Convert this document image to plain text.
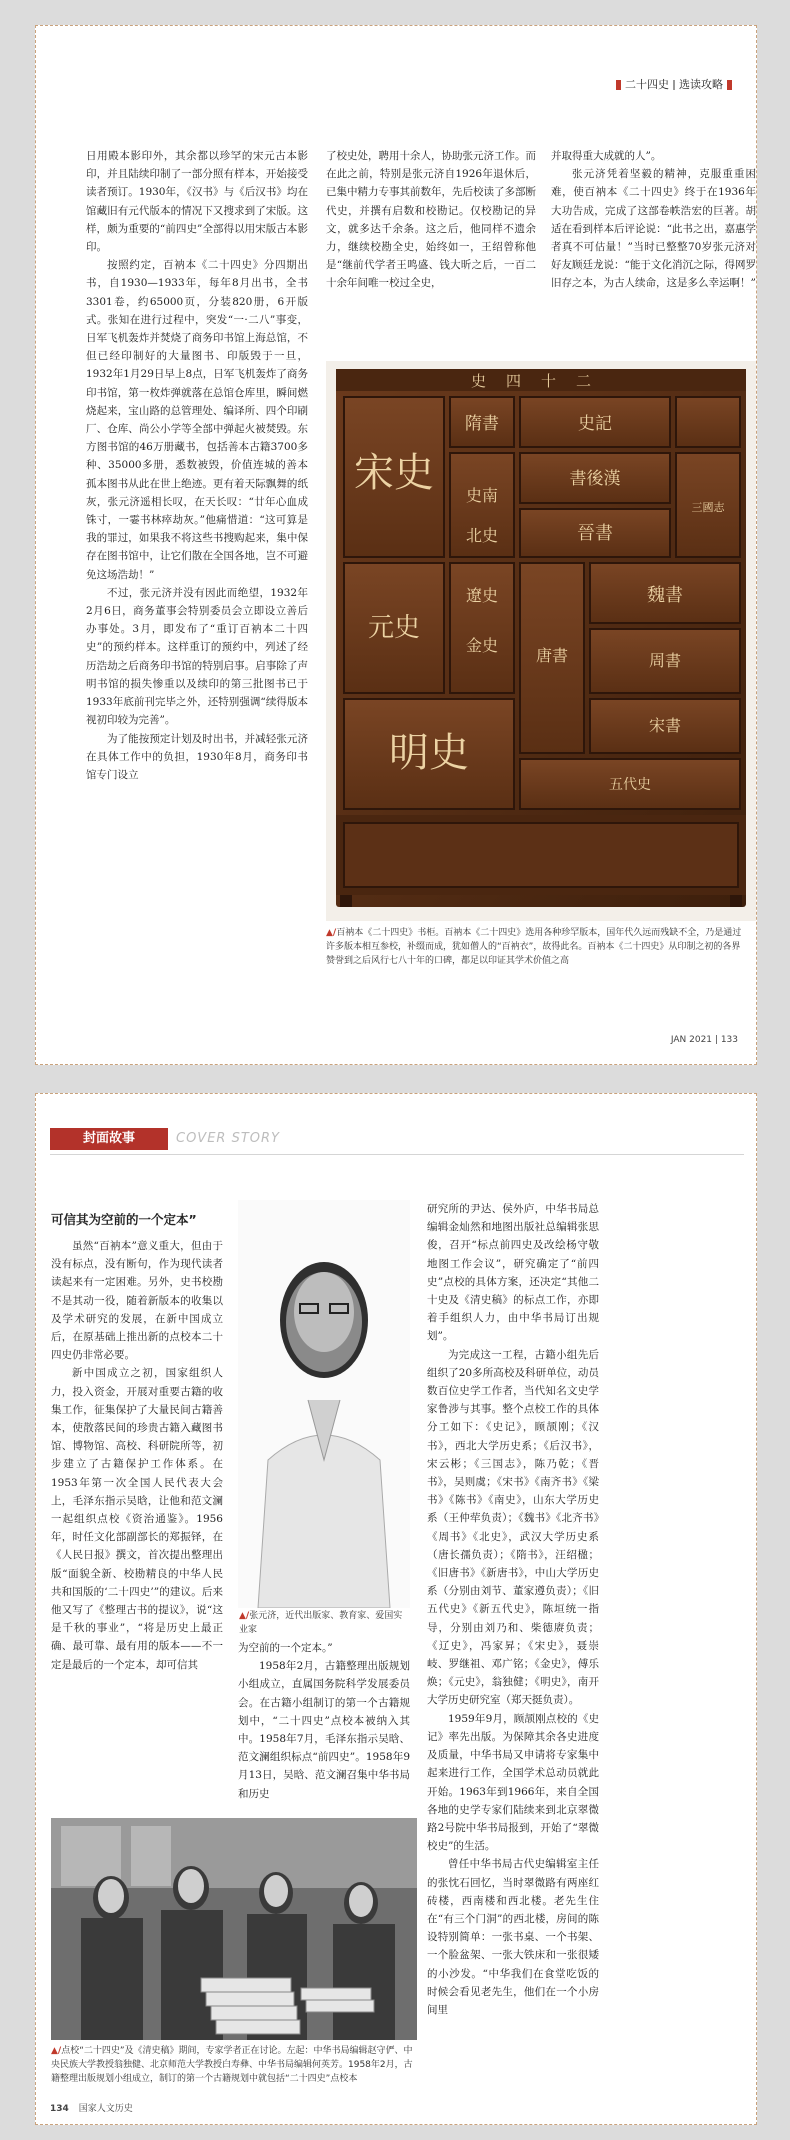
二十四史 选读攻略

日用殿本影印外，其余都以珍罕的宋元古本影印，并且陆续印制了一部分照有样本，开始接受读者预订。1930年，《汉书》与《后汉书》均在馆藏旧有元代版本的情况下又搜求到了宋版。这样，颇为重要的“前四史”全部得以用宋版古本影印。

按照约定，百衲本《二十四史》分四期出书，自1930—1933年，每年8月出书，全书3301卷，约65000页，分装820册，6开版式。张知在进行过程中，突发“一·二八”事变，日军飞机轰炸并焚烧了商务印书馆上海总馆，不但已经印制好的大量图书、印版毁于一旦，1932年1月29日早上8点，日军飞机轰炸了商务印书馆，第一枚炸弹就落在总馆仓库里，瞬间燃烧起来，宝山路的总管理处、编译所、四个印刷厂、仓库、尚公小学等全部中弹起火被焚毁。东方图书馆的46万册藏书，包括善本古籍3700多种、35000多册，悉数被毁，价值连城的善本孤本图书从此在世上绝迹。更有着天际飘舞的纸灰，张元济遥相长叹，在天长叹：“廿年心血成铢寸，一霎书林瘁劫灰。”他痛惜道：“这可算是我的罪过，如果我不将这些书搜购起来，集中保存在图书馆中，让它们散在全国各地，岂不可避免这场浩劫！”

不过，张元济并没有因此而绝望，1932年2月6日，商务董事会特别委员会立即设立善后办事处。3月，即发布了“重订百衲本二十四史”的预约样本。这样重订的预约中，列述了经历浩劫之后商务印书馆的特别启事。启事除了声明书馆的损失惨重以及续印的第三批图书已于1933年底前刊完毕之外，还特别强调“续得版本视初印较为完善”。

为了能按预定计划及时出书，并减轻张元济在具体工作中的负担，1930年8月，商务印书馆专门设立

了校史处，聘用十余人，协助张元济工作。而在此之前，特别是张元济自1926年退休后，已集中精力专事其前数年，先后校读了多部断代史，并撰有启数和校勘记。仅校勘记的异文，就多达千余条。这之后，他同样不遗余力，继续校勘全史，始终如一，王绍曾称他是“继前代学者王鸣盛、钱大昕之后，一百二十余年间唯一校过全史，

并取得重大成就的人”。

张元济凭着坚毅的精神，克服重重困难，使百衲本《二十四史》终于在1936年大功告成，完成了这部卷帙浩宏的巨著。胡适在看到样本后评论说：“此书之出，嘉惠学者真不可估量！”当时已整整70岁张元济对好友顾廷龙说：“能于文化消沉之际，得网罗旧存之本，为古人续命，这是多么幸运啊！”

史四十二
隋書	史記
宋史 史南
書後漢
北史	晉書
三國志
遼史
金史
唐書
魏書
元史
周書
宋書
明史
五代史
▲/百衲本《二十四史》书柜。百衲本《二十四史》选用各种珍罕版本，国年代久远而残缺不全，乃是通过许多版本相互参校，补缀而成，犹如僧人的“百衲衣”，故得此名。百衲本《二十四史》从印制之初的各界赞誉到之后风行七八十年的口碑，都足以印证其学术价值之高
JAN 2021 | 133
封面故事	COVER STORY
可信其为空前的一个定本”

虽然“百衲本”意义重大，但由于没有标点，没有断句，作为现代读者读起来有一定困难。另外，史书校勘不是其动一役，随着新版本的收集以及学术研究的发展，在新中国成立后，在原基础上推出新的点校本二十四史仍非常必要。

新中国成立之初，国家组织人力，投入资金，开展对重要古籍的收集工作，征集保护了大量民间古籍善本，使散落民间的珍贵古籍入藏图书馆、博物馆、高校、科研院所等，初步建立了古籍保护工作体系。在1953年第一次全国人民代表大会上，毛泽东指示吴晗，让他和范文澜一起组织点校《资治通鉴》。1956年，时任文化部副部长的郑振铎，在《人民日报》撰文，首次提出整理出版“面貌全新、校勘精良的中华人民共和国版的‘二十四史’”的建议。后来他又写了《整理古书的提议》，说“这是千秋的事业”，“将是历史上最正确、最可靠、最有用的版本——不一定是最后的一个定本，却可信其

▲/张元济，近代出版家、教育家、爱国实业家

为空前的一个定本。”

1958年2月，古籍整理出版规划小组成立，直属国务院科学发展委员会。在古籍小组制订的第一个古籍规划中，“二十四史”点校本被纳入其中。1958年7月，毛泽东指示吴晗、范文澜组织标点“前四史”。1958年9月13日，吴晗、范文澜召集中华书局和历史

研究所的尹达、侯外庐，中华书局总编辑金灿然和地图出版社总编辑张思俊，召开“标点前四史及改绘杨守敬地图工作会议”，研究确定了“前四史”点校的具体方案，还决定“其他二十史及《清史稿》的标点工作，亦即着手组织人力，由中华书局订出规划”。

为完成这一工程，古籍小组先后组织了20多所高校及科研单位，动员数百位史学工作者，当代知名文史学家鲁涉与其事。整个点校工作的具体分工如下：《史记》，顾颉刚；《汉书》，西北大学历史系；《后汉书》，宋云彬；《三国志》，陈乃乾；《晋书》，吴则虞；《宋书》《南齐书》《梁书》《陈书》《南史》，山东大学历史系（王仲荦负责）；《魏书》《北齐书》《周书》《北史》，武汉大学历史系（唐长孺负责）；《隋书》，汪绍楹；《旧唐书》《新唐书》，中山大学历史系（分别由刘节、董家遵负责）；《旧五代史》《新五代史》，陈垣统一指导，分别由刘乃和、柴德赓负责；《辽史》，冯家昇；《宋史》，聂崇岐、罗继祖、邓广铭；《金史》，傅乐焕；《元史》，翁独健；《明史》，南开大学历史研究室（郑天挺负责）。

1959年9月，顾颉刚点校的《史记》率先出版。为保障其余各史进度及质量，中华书局又申请将专家集中起来进行工作，全国学术总动员就此开始。1963年到1966年，来自全国各地的史学专家们陆续来到北京翠微路2号院中华书局报到，开始了“翠微校史”的生活。

曾任中华书局古代史编辑室主任的张忱石回忆，当时翠微路有两座红砖楼，西南楼和西北楼。老先生住在“有三个门洞”的西北楼，房间的陈设特别简单：一张书桌、一个书架、一个脸盆架、一张大铁床和一张很矮的小沙发。“中华我们在食堂吃饭的时候会看见老先生，他们在一个小房间里

▲/点校“二十四史”及《清史稿》期间，专家学者正在讨论。左起：中华书局编辑赵守俨、中央民族大学教授翁独健、北京师范大学教授白寿彝、中华书局编辑何英芳。1958年2月，古籍整理出版规划小组成立，制订的第一个古籍规划中就包括“二十四史”点校本
134 国家人文历史
